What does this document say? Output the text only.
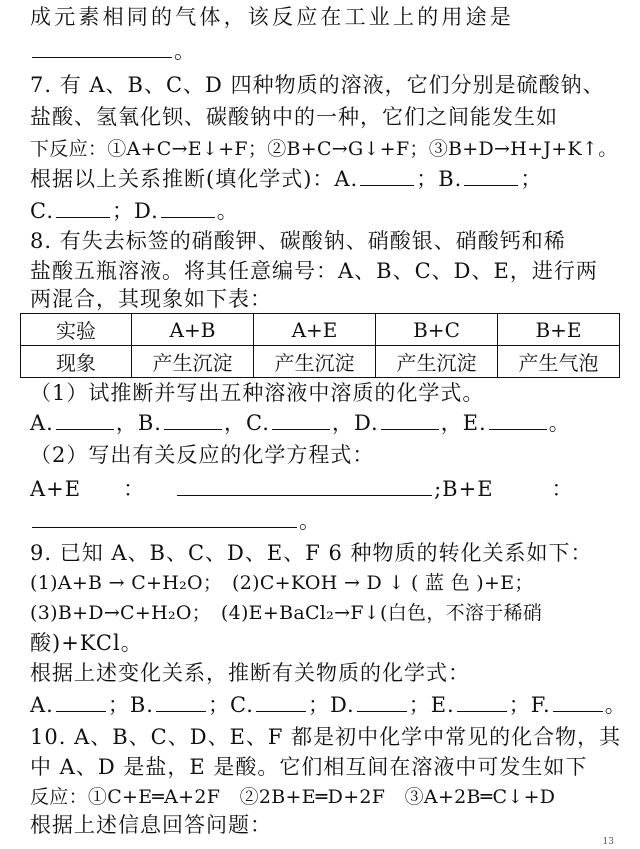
成元素相同的气体，该反应在工业上的用途是
。
7. 有 A、B、C、D 四种物质的溶液，它们分别是硫酸钠、
盐酸、氢氧化钡、碳酸钠中的一种，它们之间能发生如
下反应：①A+C→E↓+F；②B+C→G↓+F；③B+D→H+J+K↑。
根据以上关系推断(填化学式)：A.	；B.	；
C.	；D.	。
8. 有失去标签的硝酸钾、碳酸钠、硝酸银、硝酸钙和稀
盐酸五瓶溶液。将其任意编号：A、B、C、D、E，进行两
两混合，其现象如下表：
实验	A+B	A+E	B+C	B+E
现象	产生沉淀	产生沉淀	产生沉淀	产生气泡
（1）试推断并写出五种溶液中溶质的化学式。
A.	，B.	，C.	，D.	，E.	。
（2）写出有关反应的化学方程式：
A+E ：	;B+E	：
。
9. 已知 A、B、C、D、E、F 6 种物质的转化关系如下：
(1)A+B → C+H₂O；　(2)C+KOH → D ↓ ( 蓝 色 )+E；
(3)B+D→C+H₂O；　(4)E+BaCl₂→F↓(白色，不溶于稀硝
酸)+KCl。
根据上述变化关系，推断有关物质的化学式：
A.	；B.	；C.	；D.	；E.	；F.	。
10. A、B、C、D、E、F 都是初中化学中常见的化合物，其
中 A、D 是盐，E 是酸。它们相互间在溶液中可发生如下
反应：①C+E═A+2F　②2B+E═D+2F　③A+2B═C↓+D
根据上述信息回答问题：
13
